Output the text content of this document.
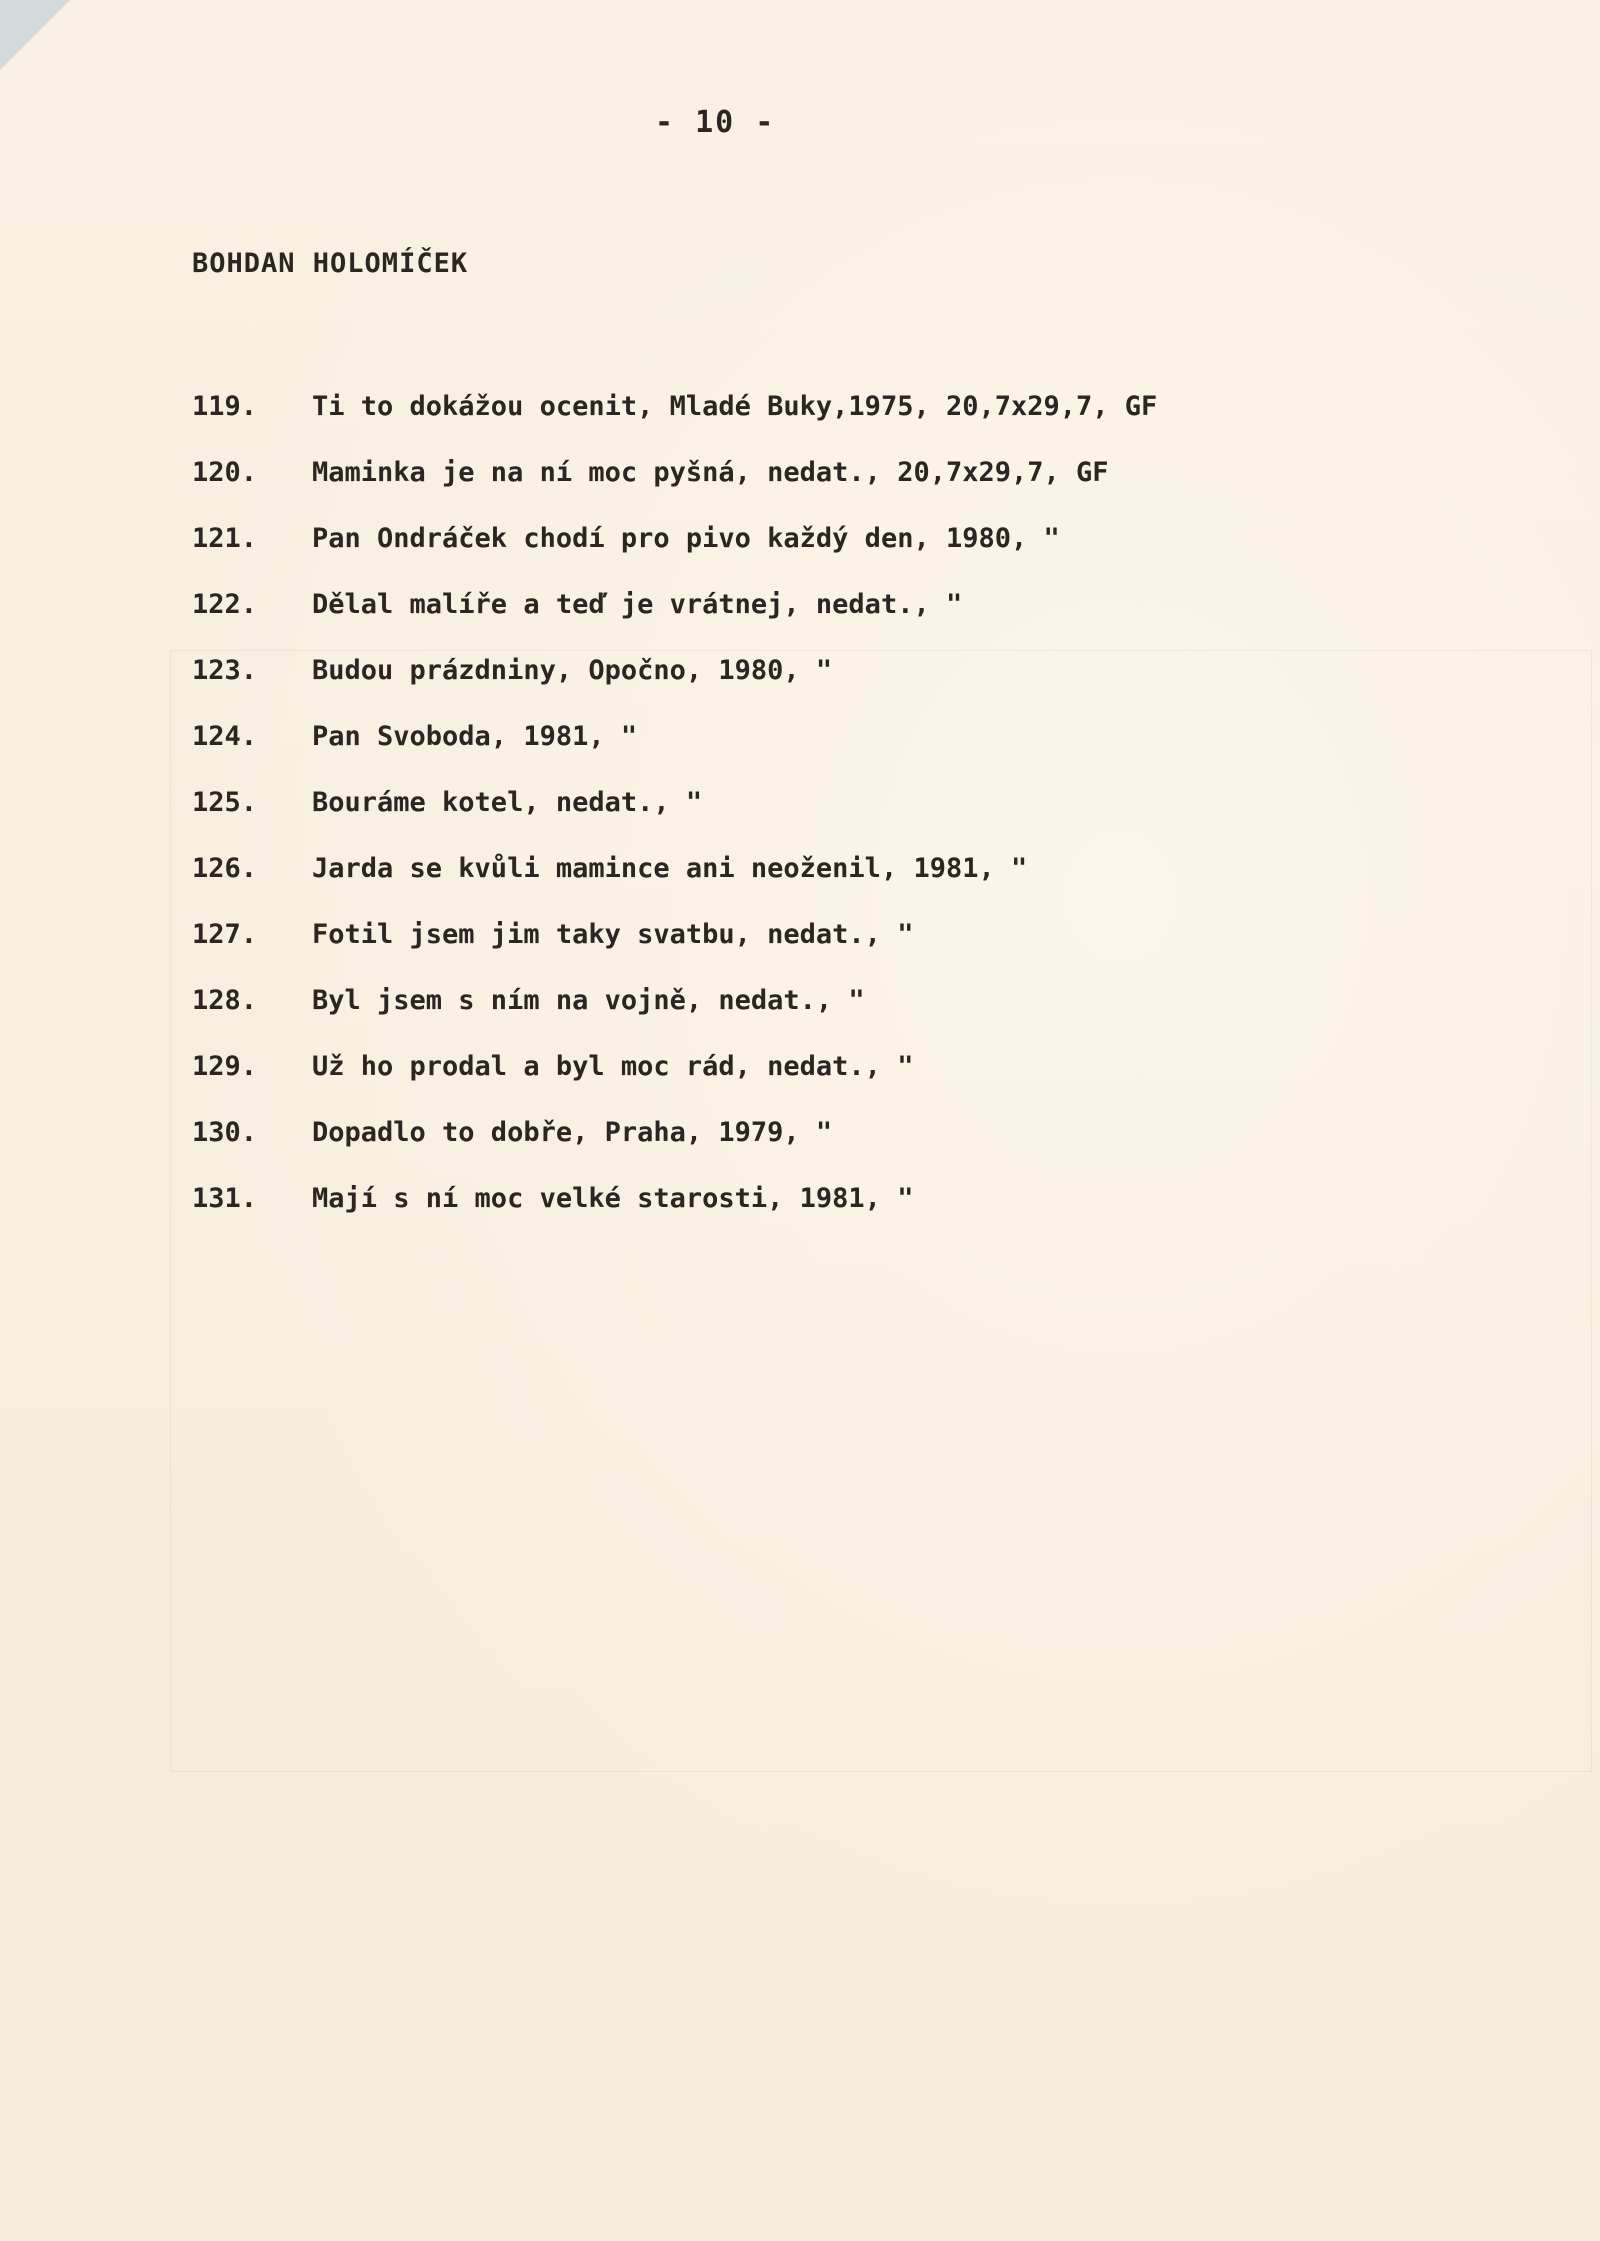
- 10 -
BOHDAN HOLOMÍČEK
119.	Ti to dokážou ocenit, Mladé Buky,1975, 20,7x29,7, GF
120.	Maminka je na ní moc pyšná, nedat., 20,7x29,7, GF
121.	Pan Ondráček chodí pro pivo každý den, 1980, "
122.	Dělal malíře a teď je vrátnej, nedat., "
123.	Budou prázdniny, Opočno, 1980, "
124.	Pan Svoboda, 1981, "
125.	Bouráme kotel, nedat., "
126.	Jarda se kvůli mamince ani neoženil, 1981, "
127.	Fotil jsem jim taky svatbu, nedat., "
128.	Byl jsem s ním na vojně, nedat., "
129.	Už ho prodal a byl moc rád, nedat., "
130.	Dopadlo to dobře, Praha, 1979, "
131.	Mají s ní moc velké starosti, 1981, "
